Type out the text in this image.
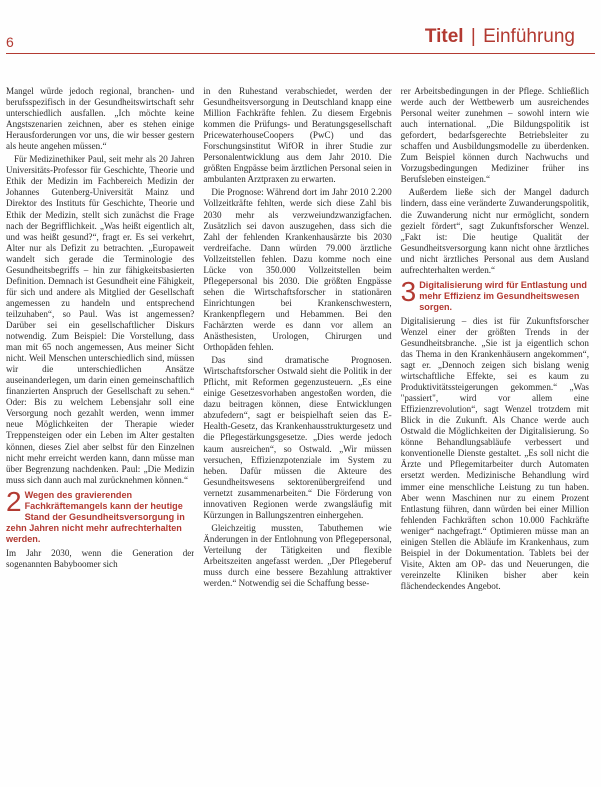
6	Titel | Einführung

Mangel würde jedoch regional, branchen- und berufsspezifisch in der Gesundheitswirtschaft sehr unterschiedlich ausfallen. „Ich möchte keine Angstszenarien zeichnen, aber es stehen einige Herausforderungen vor uns, die wir besser gestern als heute angehen müssen.“

Für Medizinethiker Paul, seit mehr als 20 Jahren Universitäts-Professor für Geschichte, Theorie und Ethik der Medizin im Fachbereich Medizin der Johannes Gutenberg-Universität Mainz und Direktor des Instituts für Geschichte, Theorie und Ethik der Medizin, stellt sich zunächst die Frage nach der Begrifflichkeit. „Was heißt eigentlich alt, und was heißt gesund?“, fragt er. Es sei verkehrt, Alter nur als Defizit zu betrachten. „Europaweit wandelt sich gerade die Terminologie des Gesundheitsbegriffs – hin zur fähigkeitsbasierten Definition. Demnach ist Gesundheit eine Fähigkeit, für sich und andere als Mitglied der Gesellschaft angemessen zu handeln und entsprechend teilzuhaben“, so Paul. Was ist angemessen? Darüber sei ein gesellschaftlicher Diskurs notwendig. Zum Beispiel: Die Vorstellung, dass man mit 65 noch angemessen, Aus meiner Sicht nicht. Weil Menschen unterschiedlich sind, müssen wir die unterschiedlichen Ansätze auseinanderlegen, um darin einen gemeinschaftlich finanzierten Anspruch der Gesellschaft zu sehen.“ Oder: Bis zu welchem Lebensjahr soll eine Versorgung noch gezahlt werden, wenn immer neue Möglichkeiten der Therapie wieder Treppensteigen oder ein Leben im Alter gestalten können, dieses Ziel aber selbst für den Einzelnen nicht mehr erreicht werden kann, dann müsse man über Begrenzung nachdenken. Paul: „Die Medizin muss sich dann auch mal zurücknehmen können.“

2 Wegen des gravierenden Fachkräftemangels kann der heutige Stand der Gesundheitsversorgung in zehn Jahren nicht mehr aufrechterhalten werden.

Im Jahr 2030, wenn die Generation der sogenannten Babyboomer sich

in den Ruhestand verabschiedet, werden der Gesundheitsversorgung in Deutschland knapp eine Million Fachkräfte fehlen. Zu diesem Ergebnis kommen die Prüfungs- und Beratungsgesellschaft PricewaterhouseCoopers (PwC) und das Forschungsinstitut WifOR in ihrer Studie zur Personalentwicklung aus dem Jahr 2010. Die größten Engpässe beim ärztlichen Personal seien in ambulanten Arztpraxen zu erwarten.

Die Prognose: Während dort im Jahr 2010 2.200 Vollzeitkräfte fehlten, werde sich diese Zahl bis 2030 mehr als verzweiundzwanzigfachen. Zusätzlich sei davon auszugehen, dass sich die Zahl der fehlenden Krankenhausärzte bis 2030 verdreifache. Dann würden 79.000 ärztliche Vollzeitstellen fehlen. Dazu komme noch eine Lücke von 350.000 Vollzeitstellen beim Pflegepersonal bis 2030. Die größten Engpässe sehen die Wirtschaftsforscher in stationären Einrichtungen bei Krankenschwestern, Krankenpflegern und Hebammen. Bei den Fachärzten werde es dann vor allem an Anästhesisten, Urologen, Chirurgen und Orthopäden fehlen.

Das sind dramatische Prognosen. Wirtschaftsforscher Ostwald sieht die Politik in der Pflicht, mit Reformen gegenzusteuern. „Es eine einige Gesetzesvorhaben angestoßen worden, die dazu beitragen können, diese Entwicklungen abzufedern“, sagt er beispielhaft seien das E-Health-Gesetz, das Krankenhausstrukturgesetz und die Pflegestärkungsgesetze. „Dies werde jedoch kaum ausreichen“, so Ostwald. „Wir müssen versuchen, Effizienzpotenziale im System zu heben. Dafür müssen die Akteure des Gesundheitswesens sektorenübergreifend und vernetzt zusammenarbeiten.“ Die Förderung von innovativen Regionen werde zwangsläufig mit Kürzungen in Ballungszentren einhergehen.

Gleichzeitig mussten, Tabuthemen wie Änderungen in der Entlohnung von Pflegepersonal, Verteilung der Tätigkeiten und flexible Arbeitszeiten angefasst werden. „Der Pflegeberuf muss durch eine bessere Bezahlung attraktiver werden.“ Notwendig sei die Schaffung besse-

rer Arbeitsbedingungen in der Pflege. Schließlich werde auch der Wettbewerb um ausreichendes Personal weiter zunehmen – sowohl intern wie auch international. „Die Bildungspolitik ist gefordert, bedarfsgerechte Betriebsleiter zu schaffen und Ausbildungsmodelle zu überdenken. Zum Beispiel können durch Nachwuchs und Vorzugsbedingungen Mediziner früher ins Berufsleben einsteigen.“

Außerdem ließe sich der Mangel dadurch lindern, dass eine veränderte Zuwanderungspolitik, die Zuwanderung nicht nur ermöglicht, sondern gezielt fördert“, sagt Zukunftsforscher Wenzel. „Fakt ist: Die heutige Qualität der Gesundheitsversorgung kann nicht ohne ärztliches und nicht ärztliches Personal aus dem Ausland aufrechterhalten werden.“

3 Digitalisierung wird für Entlastung und mehr Effizienz im Gesundheitswesen sorgen.

Digitalisierung – dies ist für Zukunftsforscher Wenzel einer der größten Trends in der Gesundheitsbranche. „Sie ist ja eigentlich schon das Thema in den Krankenhäusern angekommen“, sagt er. „Dennoch zeigen sich bislang wenig wirtschaftliche Effekte, sei es kaum zu Produktivitätssteigerungen gekommen.“ „Was "passiert", wird vor allem eine Effizienzrevolution“, sagt Wenzel trotzdem mit Blick in die Zukunft. Als Chance werde auch Ostwald die Möglichkeiten der Digitalisierung. So könne Behandlungsabläufe verbessert und konventionelle Dienste gestaltet. „Es soll nicht die Ärzte und Pflegemitarbeiter durch Automaten ersetzt werden. Medizinische Behandlung wird immer eine menschliche Leistung zu tun haben. Aber wenn Maschinen nur zu einem Prozent Entlastung führen, dann würden bei einer Million fehlenden Fachkräften schon 10.000 Fachkräfte weniger“ nachgefragt.“ Optimieren müsse man an einigen Stellen die Abläufe im Krankenhaus, zum Beispiel in der Dokumentation. Tablets bei der Visite, Akten am OP- das und Neuerungen, die vereinzelte Kliniken bisher aber kein flächendeckendes Angebot.
